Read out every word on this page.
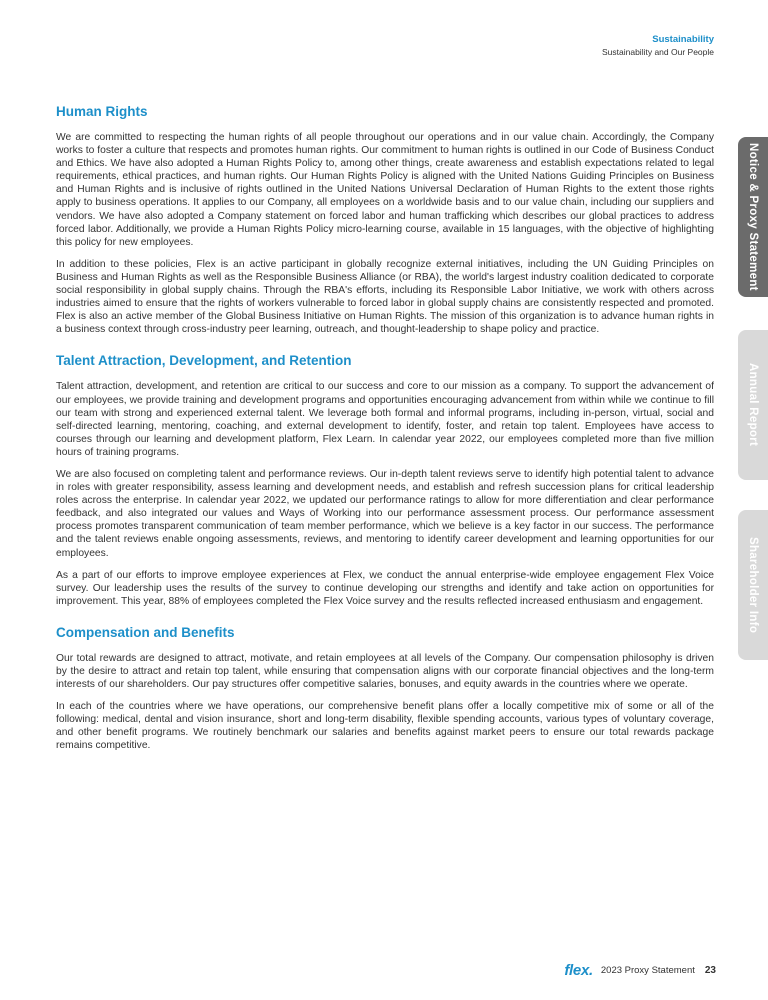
Sustainability
Sustainability and Our People
Human Rights

We are committed to respecting the human rights of all people throughout our operations and in our value chain. Accordingly, the Company works to foster a culture that respects and promotes human rights. Our commitment to human rights is outlined in our Code of Business Conduct and Ethics. We have also adopted a Human Rights Policy to, among other things, create awareness and establish expectations related to legal requirements, ethical practices, and human rights. Our Human Rights Policy is aligned with the United Nations Guiding Principles on Business and Human Rights and is inclusive of rights outlined in the United Nations Universal Declaration of Human Rights to the extent those rights apply to business operations. It applies to our Company, all employees on a worldwide basis and to our value chain, including our suppliers and vendors. We have also adopted a Company statement on forced labor and human trafficking which describes our global practices to address forced labor. Additionally, we provide a Human Rights Policy micro-learning course, available in 15 languages, with the objective of highlighting this policy for new employees.

In addition to these policies, Flex is an active participant in globally recognize external initiatives, including the UN Guiding Principles on Business and Human Rights as well as the Responsible Business Alliance (or RBA), the world's largest industry coalition dedicated to corporate social responsibility in global supply chains. Through the RBA's efforts, including its Responsible Labor Initiative, we work with others across industries aimed to ensure that the rights of workers vulnerable to forced labor in global supply chains are consistently respected and promoted. Flex is also an active member of the Global Business Initiative on Human Rights. The mission of this organization is to advance human rights in a business context through cross-industry peer learning, outreach, and thought-leadership to shape policy and practice.

Talent Attraction, Development, and Retention

Talent attraction, development, and retention are critical to our success and core to our mission as a company. To support the advancement of our employees, we provide training and development programs and opportunities encouraging advancement from within while we continue to fill our team with strong and experienced external talent. We leverage both formal and informal programs, including in-person, virtual, social and self-directed learning, mentoring, coaching, and external development to identify, foster, and retain top talent. Employees have access to courses through our learning and development platform, Flex Learn. In calendar year 2022, our employees completed more than five million hours of training programs.

We are also focused on completing talent and performance reviews. Our in-depth talent reviews serve to identify high potential talent to advance in roles with greater responsibility, assess learning and development needs, and establish and refresh succession plans for critical leadership roles across the enterprise. In calendar year 2022, we updated our performance ratings to allow for more differentiation and clear performance feedback, and also integrated our values and Ways of Working into our performance assessment process. Our performance assessment process promotes transparent communication of team member performance, which we believe is a key factor in our success. The performance and the talent reviews enable ongoing assessments, reviews, and mentoring to identify career development and learning opportunities for our employees.

As a part of our efforts to improve employee experiences at Flex, we conduct the annual enterprise-wide employee engagement Flex Voice survey. Our leadership uses the results of the survey to continue developing our strengths and identify and take action on opportunities for improvement. This year, 88% of employees completed the Flex Voice survey and the results reflected increased enthusiasm and engagement.

Compensation and Benefits

Our total rewards are designed to attract, motivate, and retain employees at all levels of the Company. Our compensation philosophy is driven by the desire to attract and retain top talent, while ensuring that compensation aligns with our corporate financial objectives and the long-term interests of our shareholders. Our pay structures offer competitive salaries, bonuses, and equity awards in the countries where we operate.

In each of the countries where we have operations, our comprehensive benefit plans offer a locally competitive mix of some or all of the following: medical, dental and vision insurance, short and long-term disability, flexible spending accounts, various types of voluntary coverage, and other benefit programs. We routinely benchmark our salaries and benefits against market peers to ensure our total rewards package remains competitive.

Notice & Proxy Statement
Annual Report
Shareholder Info
flex. 2023 Proxy Statement 23
